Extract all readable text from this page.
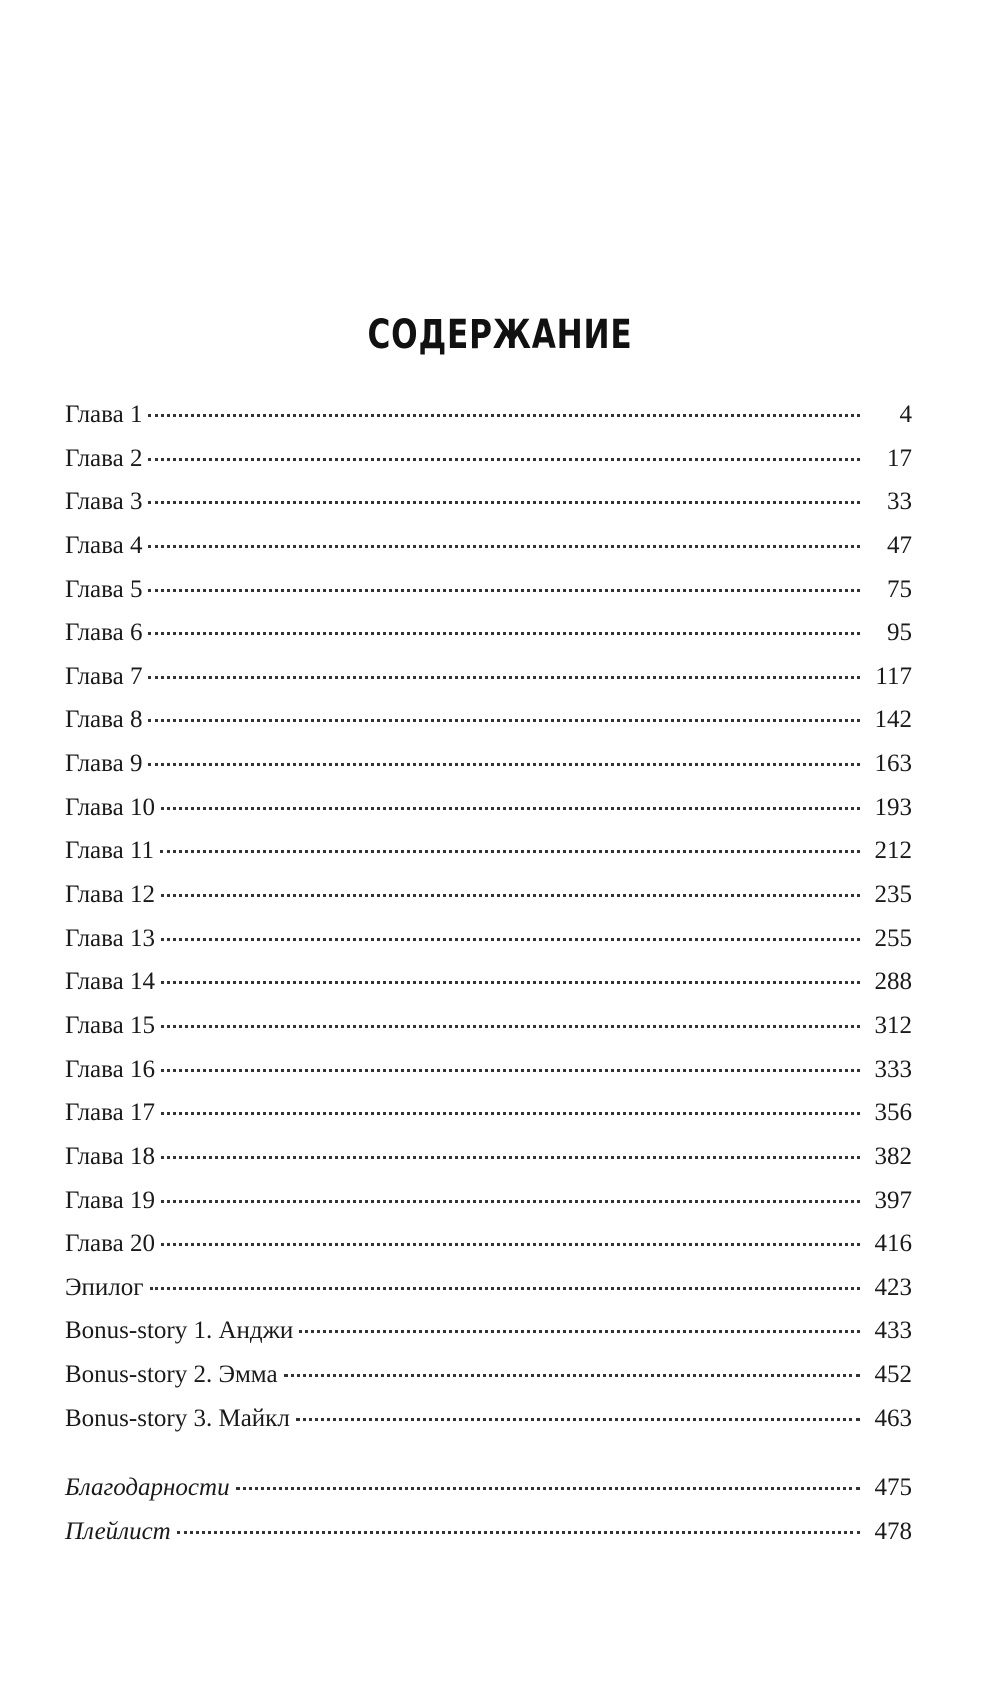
СОДЕРЖАНИЕ
Глава 1	4
Глава 2	17
Глава 3	33
Глава 4	47
Глава 5	75
Глава 6	95
Глава 7	117
Глава 8	142
Глава 9	163
Глава 10	193
Глава 11	212
Глава 12	235
Глава 13	255
Глава 14	288
Глава 15	312
Глава 16	333
Глава 17	356
Глава 18	382
Глава 19	397
Глава 20	416
Эпилог	423
Bonus-story 1. Анджи	433
Bonus-story 2. Эмма	452
Bonus-story 3. Майкл	463
Благодарности	475
Плейлист	478
